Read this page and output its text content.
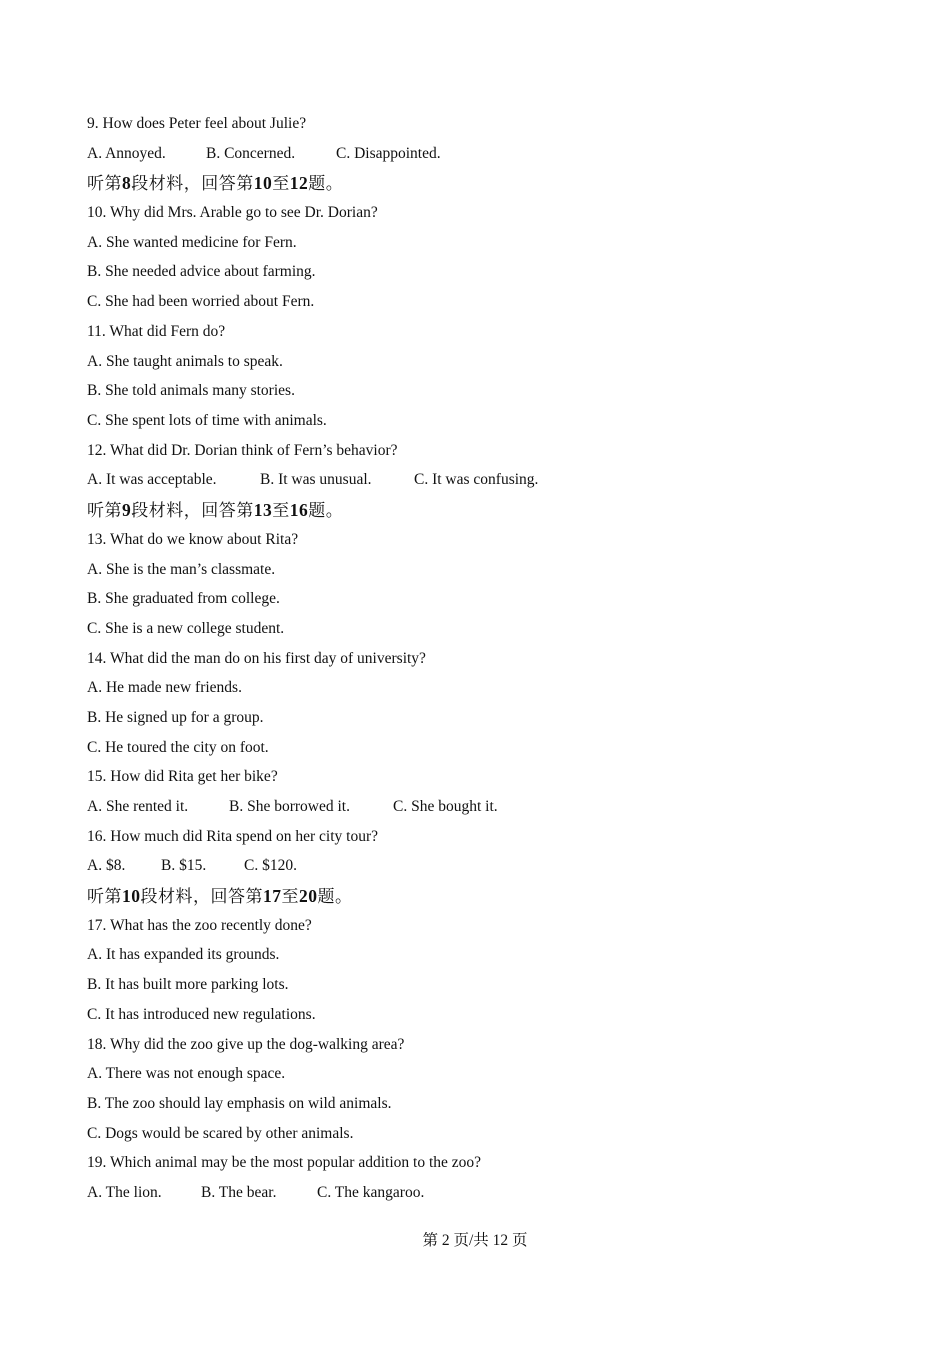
9. How does Peter feel about Julie?
A. Annoyed.	B. Concerned.	C. Disappointed.
听第8段材料，回答第10至12题。
10. Why did Mrs. Arable go to see Dr. Dorian?
A. She wanted medicine for Fern.
B. She needed advice about farming.
C. She had been worried about Fern.
11. What did Fern do?
A. She taught animals to speak.
B. She told animals many stories.
C. She spent lots of time with animals.
12. What did Dr. Dorian think of Fern’s behavior?
A. It was acceptable.	B. It was unusual.	C. It was confusing.
听第9段材料，回答第13至16题。
13. What do we know about Rita?
A. She is the man’s classmate.
B. She graduated from college.
C. She is a new college student.
14. What did the man do on his first day of university?
A. He made new friends.
B. He signed up for a group.
C. He toured the city on foot.
15. How did Rita get her bike?
A. She rented it.	B. She borrowed it.	C. She bought it.
16. How much did Rita spend on her city tour?
A. $8. B. $15. C. $120.
听第10段材料，回答第17至20题。
17. What has the zoo recently done?
A. It has expanded its grounds.
B. It has built more parking lots.
C. It has introduced new regulations.
18. Why did the zoo give up the dog-walking area?
A. There was not enough space.
B. The zoo should lay emphasis on wild animals.
C. Dogs would be scared by other animals.
19. Which animal may be the most popular addition to the zoo?
A. The lion.	B. The bear.	C. The kangaroo.
第 2 页/共 12 页
